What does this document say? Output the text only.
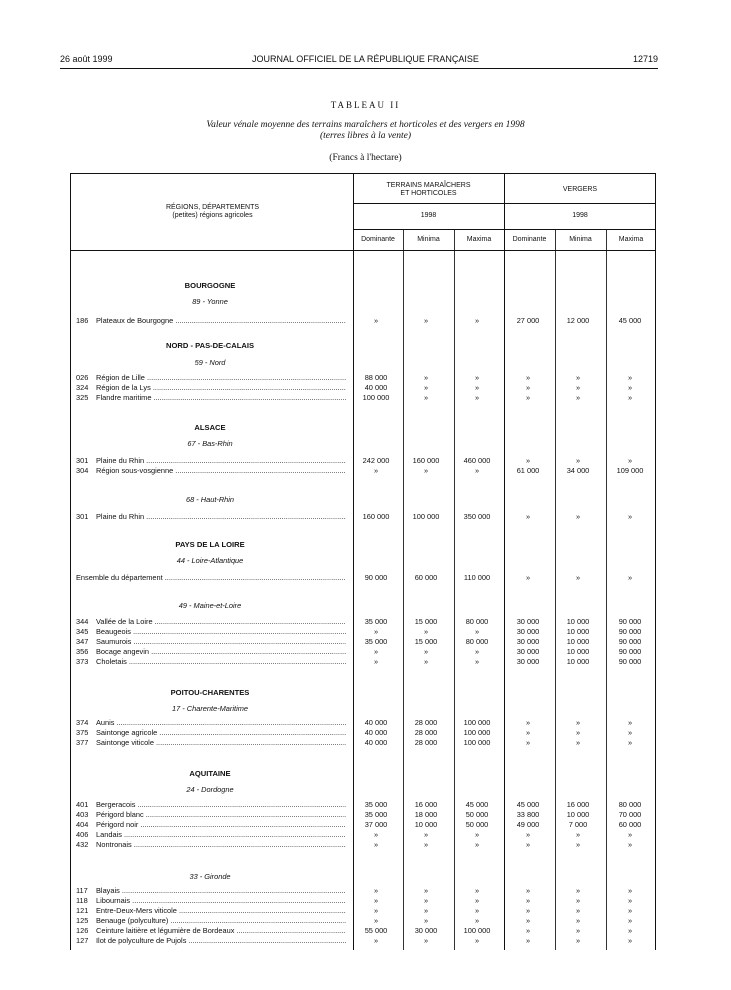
26 août 1999	JOURNAL OFFICIEL DE LA RÉPUBLIQUE FRANÇAISE	12719
TABLEAU II
Valeur vénale moyenne des terrains maraîchers et horticoles et des vergers en 1998
(terres libres à la vente)
(Francs à l'hectare)
RÉGIONS, DÉPARTEMENTS
(petites) régions agricoles
TERRAINS MARAÎCHERS
ET HORTICOLES
VERGERS
1998	1998
Dominante	Minima	Maxima	Dominante	Minima	Maxima
BOURGOGNE
89 - Yonne
186	Plateaux de Bourgogne .....	»	»	»	27 000	12 000	45 000
NORD - PAS-DE-CALAIS
59 - Nord
026	Région de Lille .....	88 000	»	»	»	»	»
324	Région de la Lys .....	40 000	»	»	»	»	»
325	Flandre maritime .....	100 000	»	»	»	»	»
ALSACE
67 - Bas-Rhin
301	Plaine du Rhin .....	242 000	160 000	460 000	»	»	»
304	Région sous-vosgienne .....	»	»	»	61 000	34 000	109 000
68 - Haut-Rhin
301	Plaine du Rhin .....	160 000	100 000	350 000	»	»	»
PAYS DE LA LOIRE
44 - Loire-Atlantique
Ensemble du département .....	90 000	60 000	110 000	»	»	»
49 - Maine-et-Loire
344	Vallée de la Loire .....	35 000	15 000	80 000	30 000	10 000	90 000
345	Beaugeois .....	»	»	»	30 000	10 000	90 000
347	Saumurois .....	35 000	15 000	80 000	30 000	10 000	90 000
356	Bocage angevin .....	»	»	»	30 000	10 000	90 000
373	Choletais .....	»	»	»	30 000	10 000	90 000
POITOU-CHARENTES
17 - Charente-Maritime
374	Aunis .....	40 000	28 000	100 000	»	»	»
375	Saintonge agricole .....	40 000	28 000	100 000	»	»	»
377	Saintonge viticole .....	40 000	28 000	100 000	»	»	»
AQUITAINE
24 - Dordogne
401	Bergeracois .....	35 000	16 000	45 000	45 000	16 000	80 000
403	Périgord blanc .....	35 000	18 000	50 000	33 800	10 000	70 000
404	Périgord noir .....	37 000	10 000	50 000	49 000	7 000	60 000
406	Landais .....	»	»	»	»	»	»
432	Nontronais .....	»	»	»	»	»	»
33 - Gironde
117	Blayais .....	»	»	»	»	»	»
118	Libournais .....	»	»	»	»	»	»
121	Entre-Deux-Mers viticole .....	»	»	»	»	»	»
125	Benauge (polyculture) .....	»	»	»	»	»	»
126	Ceinture laitière et légumière de Bordeaux .....	55 000	30 000	100 000	»	»	»
127	Ilot de polyculture de Pujols .....	»	»	»	»	»	»
